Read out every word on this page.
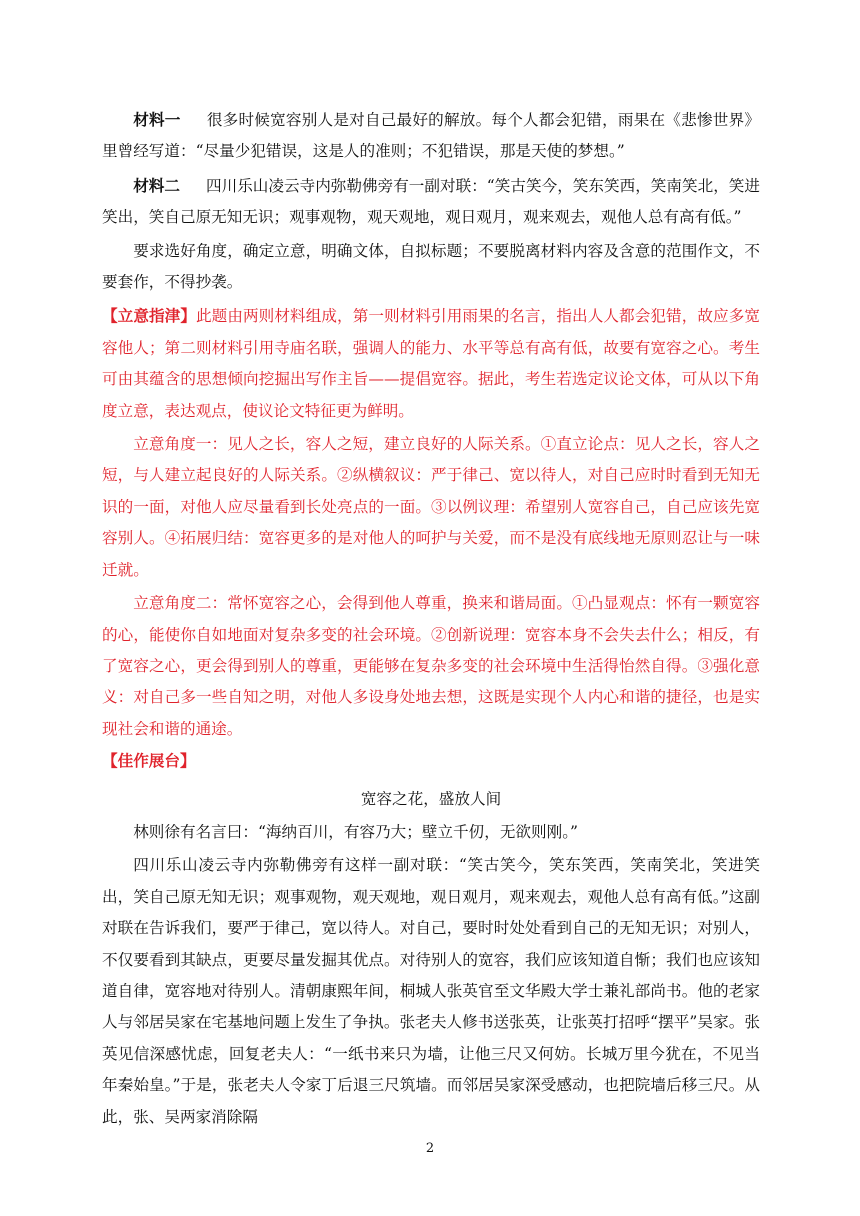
材料一 很多时候宽容别人是对自己最好的解放。每个人都会犯错，雨果在《悲惨世界》里曾经写道：“尽量少犯错误，这是人的准则；不犯错误，那是天使的梦想。”

材料二 四川乐山凌云寺内弥勒佛旁有一副对联：“笑古笑今，笑东笑西，笑南笑北，笑进笑出，笑自己原无知无识；观事观物，观天观地，观日观月，观来观去，观他人总有高有低。”

要求选好角度，确定立意，明确文体，自拟标题；不要脱离材料内容及含意的范围作文，不要套作，不得抄袭。

【立意指津】此题由两则材料组成，第一则材料引用雨果的名言，指出人人都会犯错，故应多宽容他人；第二则材料引用寺庙名联，强调人的能力、水平等总有高有低，故要有宽容之心。考生可由其蕴含的思想倾向挖掘出写作主旨——提倡宽容。据此，考生若选定议论文体，可从以下角度立意，表达观点，使议论文特征更为鲜明。

立意角度一：见人之长，容人之短，建立良好的人际关系。①直立论点：见人之长，容人之短，与人建立起良好的人际关系。②纵横叙议：严于律己、宽以待人，对自己应时时看到无知无识的一面，对他人应尽量看到长处亮点的一面。③以例议理：希望别人宽容自己，自己应该先宽容别人。④拓展归结：宽容更多的是对他人的呵护与关爱，而不是没有底线地无原则忍让与一味迁就。

立意角度二：常怀宽容之心，会得到他人尊重，换来和谐局面。①凸显观点：怀有一颗宽容的心，能使你自如地面对复杂多变的社会环境。②创新说理：宽容本身不会失去什么；相反，有了宽容之心，更会得到别人的尊重，更能够在复杂多变的社会环境中生活得怡然自得。③强化意义：对自己多一些自知之明，对他人多设身处地去想，这既是实现个人内心和谐的捷径，也是实现社会和谐的通途。

【佳作展台】

宽容之花，盛放人间

林则徐有名言曰：“海纳百川，有容乃大；壁立千仞，无欲则刚。”

四川乐山凌云寺内弥勒佛旁有这样一副对联：“笑古笑今，笑东笑西，笑南笑北，笑进笑出，笑自己原无知无识；观事观物，观天观地，观日观月，观来观去，观他人总有高有低。”这副对联在告诉我们，要严于律己，宽以待人。对自己，要时时处处看到自己的无知无识；对别人，不仅要看到其缺点，更要尽量发掘其优点。对待别人的宽容，我们应该知道自惭；我们也应该知道自律，宽容地对待别人。清朝康熙年间，桐城人张英官至文华殿大学士兼礼部尚书。他的老家人与邻居吴家在宅基地问题上发生了争执。张老夫人修书送张英，让张英打招呼“摆平”吴家。张英见信深感忧虑，回复老夫人：“一纸书来只为墙，让他三尺又何妨。长城万里今犹在，不见当年秦始皇。”于是，张老夫人令家丁后退三尺筑墙。而邻居吴家深受感动，也把院墙后移三尺。从此，张、吴两家消除隔

2
